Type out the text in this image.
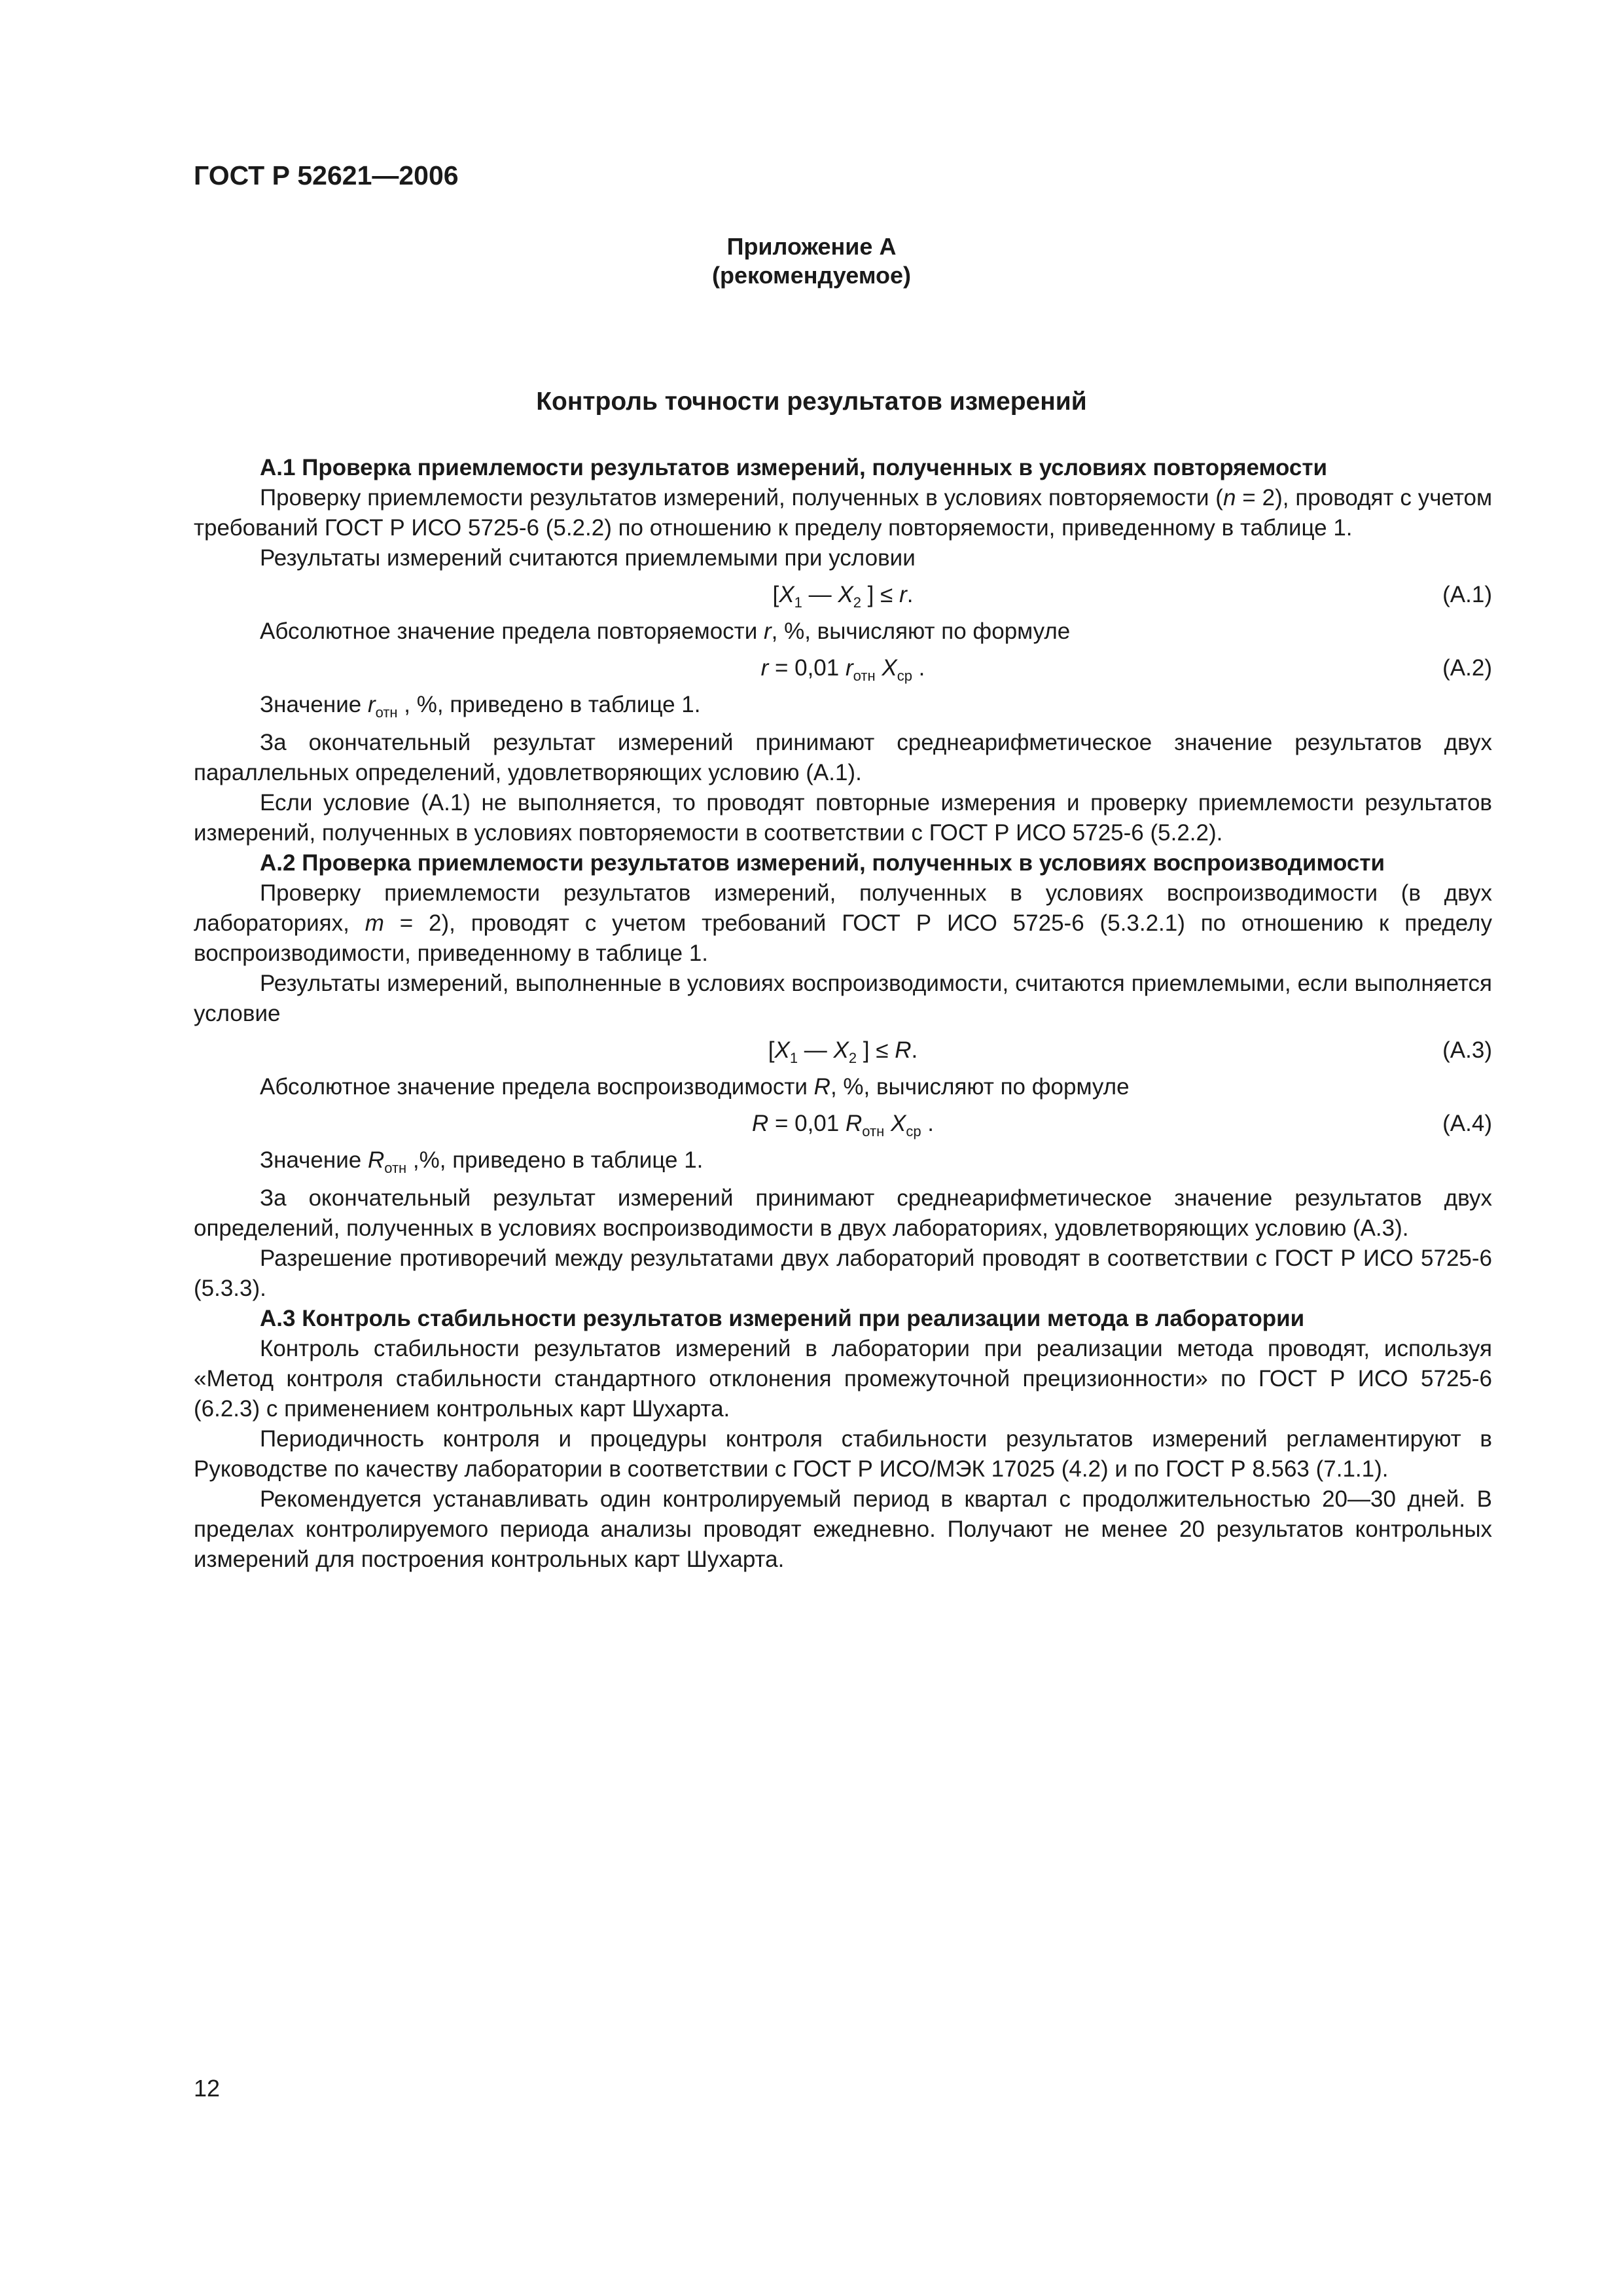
ГОСТ Р 52621—2006
Приложение А
(рекомендуемое)
Контроль точности результатов измерений

А.1 Проверка приемлемости результатов измерений, полученных в условиях повторяемости

Проверку приемлемости результатов измерений, полученных в условиях повторяемости (n = 2), проводят с учетом требований ГОСТ Р ИСО 5725-6 (5.2.2) по отношению к пределу повторяемости, приведенному в таблице 1.

Результаты измерений считаются приемлемыми при условии

[$X_1$ — $X_2$ ] ≤ r.	(А.1)

Абсолютное значение предела повторяемости r, %, вычисляют по формуле

r = 0,01 $r_{отн}$ $X_{ср}$ .	(А.2)

Значение $r_{отн}$ , %, приведено в таблице 1.

За окончательный результат измерений принимают среднеарифметическое значение результатов двух параллельных определений, удовлетворяющих условию (А.1).

Если условие (А.1) не выполняется, то проводят повторные измерения и проверку приемлемости результатов измерений, полученных в условиях повторяемости в соответствии с ГОСТ Р ИСО 5725-6 (5.2.2).

А.2 Проверка приемлемости результатов измерений, полученных в условиях воспроизводимости

Проверку приемлемости результатов измерений, полученных в условиях воспроизводимости (в двух лабораториях, m = 2), проводят с учетом требований ГОСТ Р ИСО 5725-6 (5.3.2.1) по отношению к пределу воспроизводимости, приведенному в таблице 1.

Результаты измерений, выполненные в условиях воспроизводимости, считаются приемлемыми, если выполняется условие

[$X_1$ — $X_2$ ] ≤ R.	(А.3)

Абсолютное значение предела воспроизводимости R, %, вычисляют по формуле

R = 0,01 $R_{отн}$ $X_{ср}$ .	(А.4)

Значение $R_{отн}$ ,%, приведено в таблице 1.

За окончательный результат измерений принимают среднеарифметическое значение результатов двух определений, полученных в условиях воспроизводимости в двух лабораториях, удовлетворяющих условию (А.3).

Разрешение противоречий между результатами двух лабораторий проводят в соответствии с ГОСТ Р ИСО 5725-6 (5.3.3).

А.3 Контроль стабильности результатов измерений при реализации метода в лаборатории

Контроль стабильности результатов измерений в лаборатории при реализации метода проводят, используя «Метод контроля стабильности стандартного отклонения промежуточной прецизионности» по ГОСТ Р ИСО 5725-6 (6.2.3) с применением контрольных карт Шухарта.

Периодичность контроля и процедуры контроля стабильности результатов измерений регламентируют в Руководстве по качеству лаборатории в соответствии с ГОСТ Р ИСО/МЭК 17025 (4.2) и по ГОСТ Р 8.563 (7.1.1).

Рекомендуется устанавливать один контролируемый период в квартал с продолжительностью 20—30 дней. В пределах контролируемого периода анализы проводят ежедневно. Получают не менее 20 результатов контрольных измерений для построения контрольных карт Шухарта.

12
